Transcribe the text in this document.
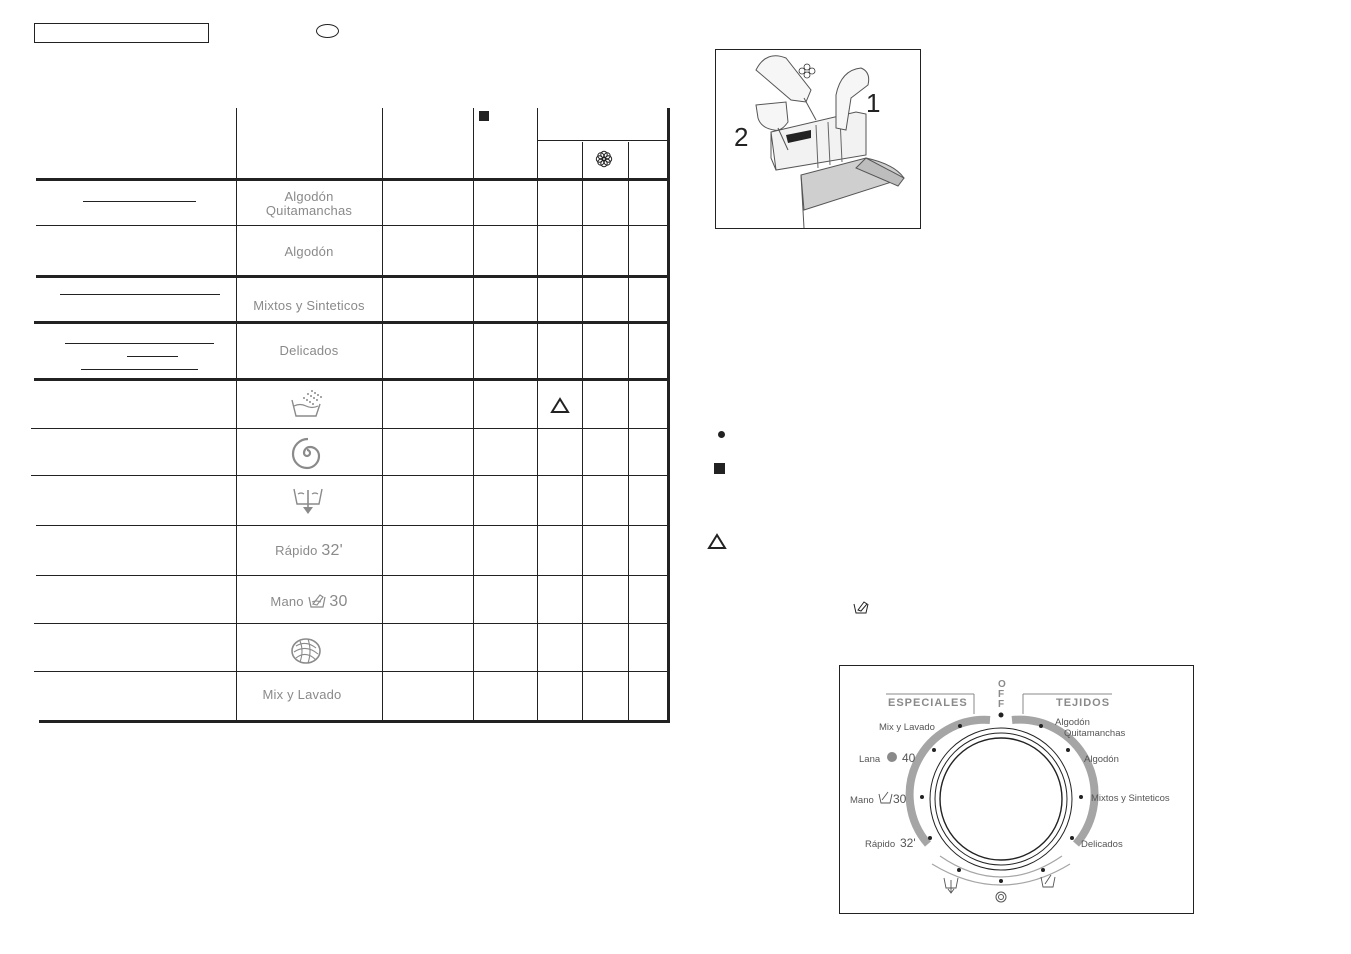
Algodón
Quitamanchas
Algodón
Mixtos y Sinteticos
Delicados
Rápido 32'
Mano 30
Mix y Lavado
1
2
O
F
F
ESPECIALES	TEJIDOS
Mix y Lavado
Lana 40
Mano 30
Rápido 32'
Algodón
Quitamanchas
Algodón
Mixtos y Sinteticos
Delicados
